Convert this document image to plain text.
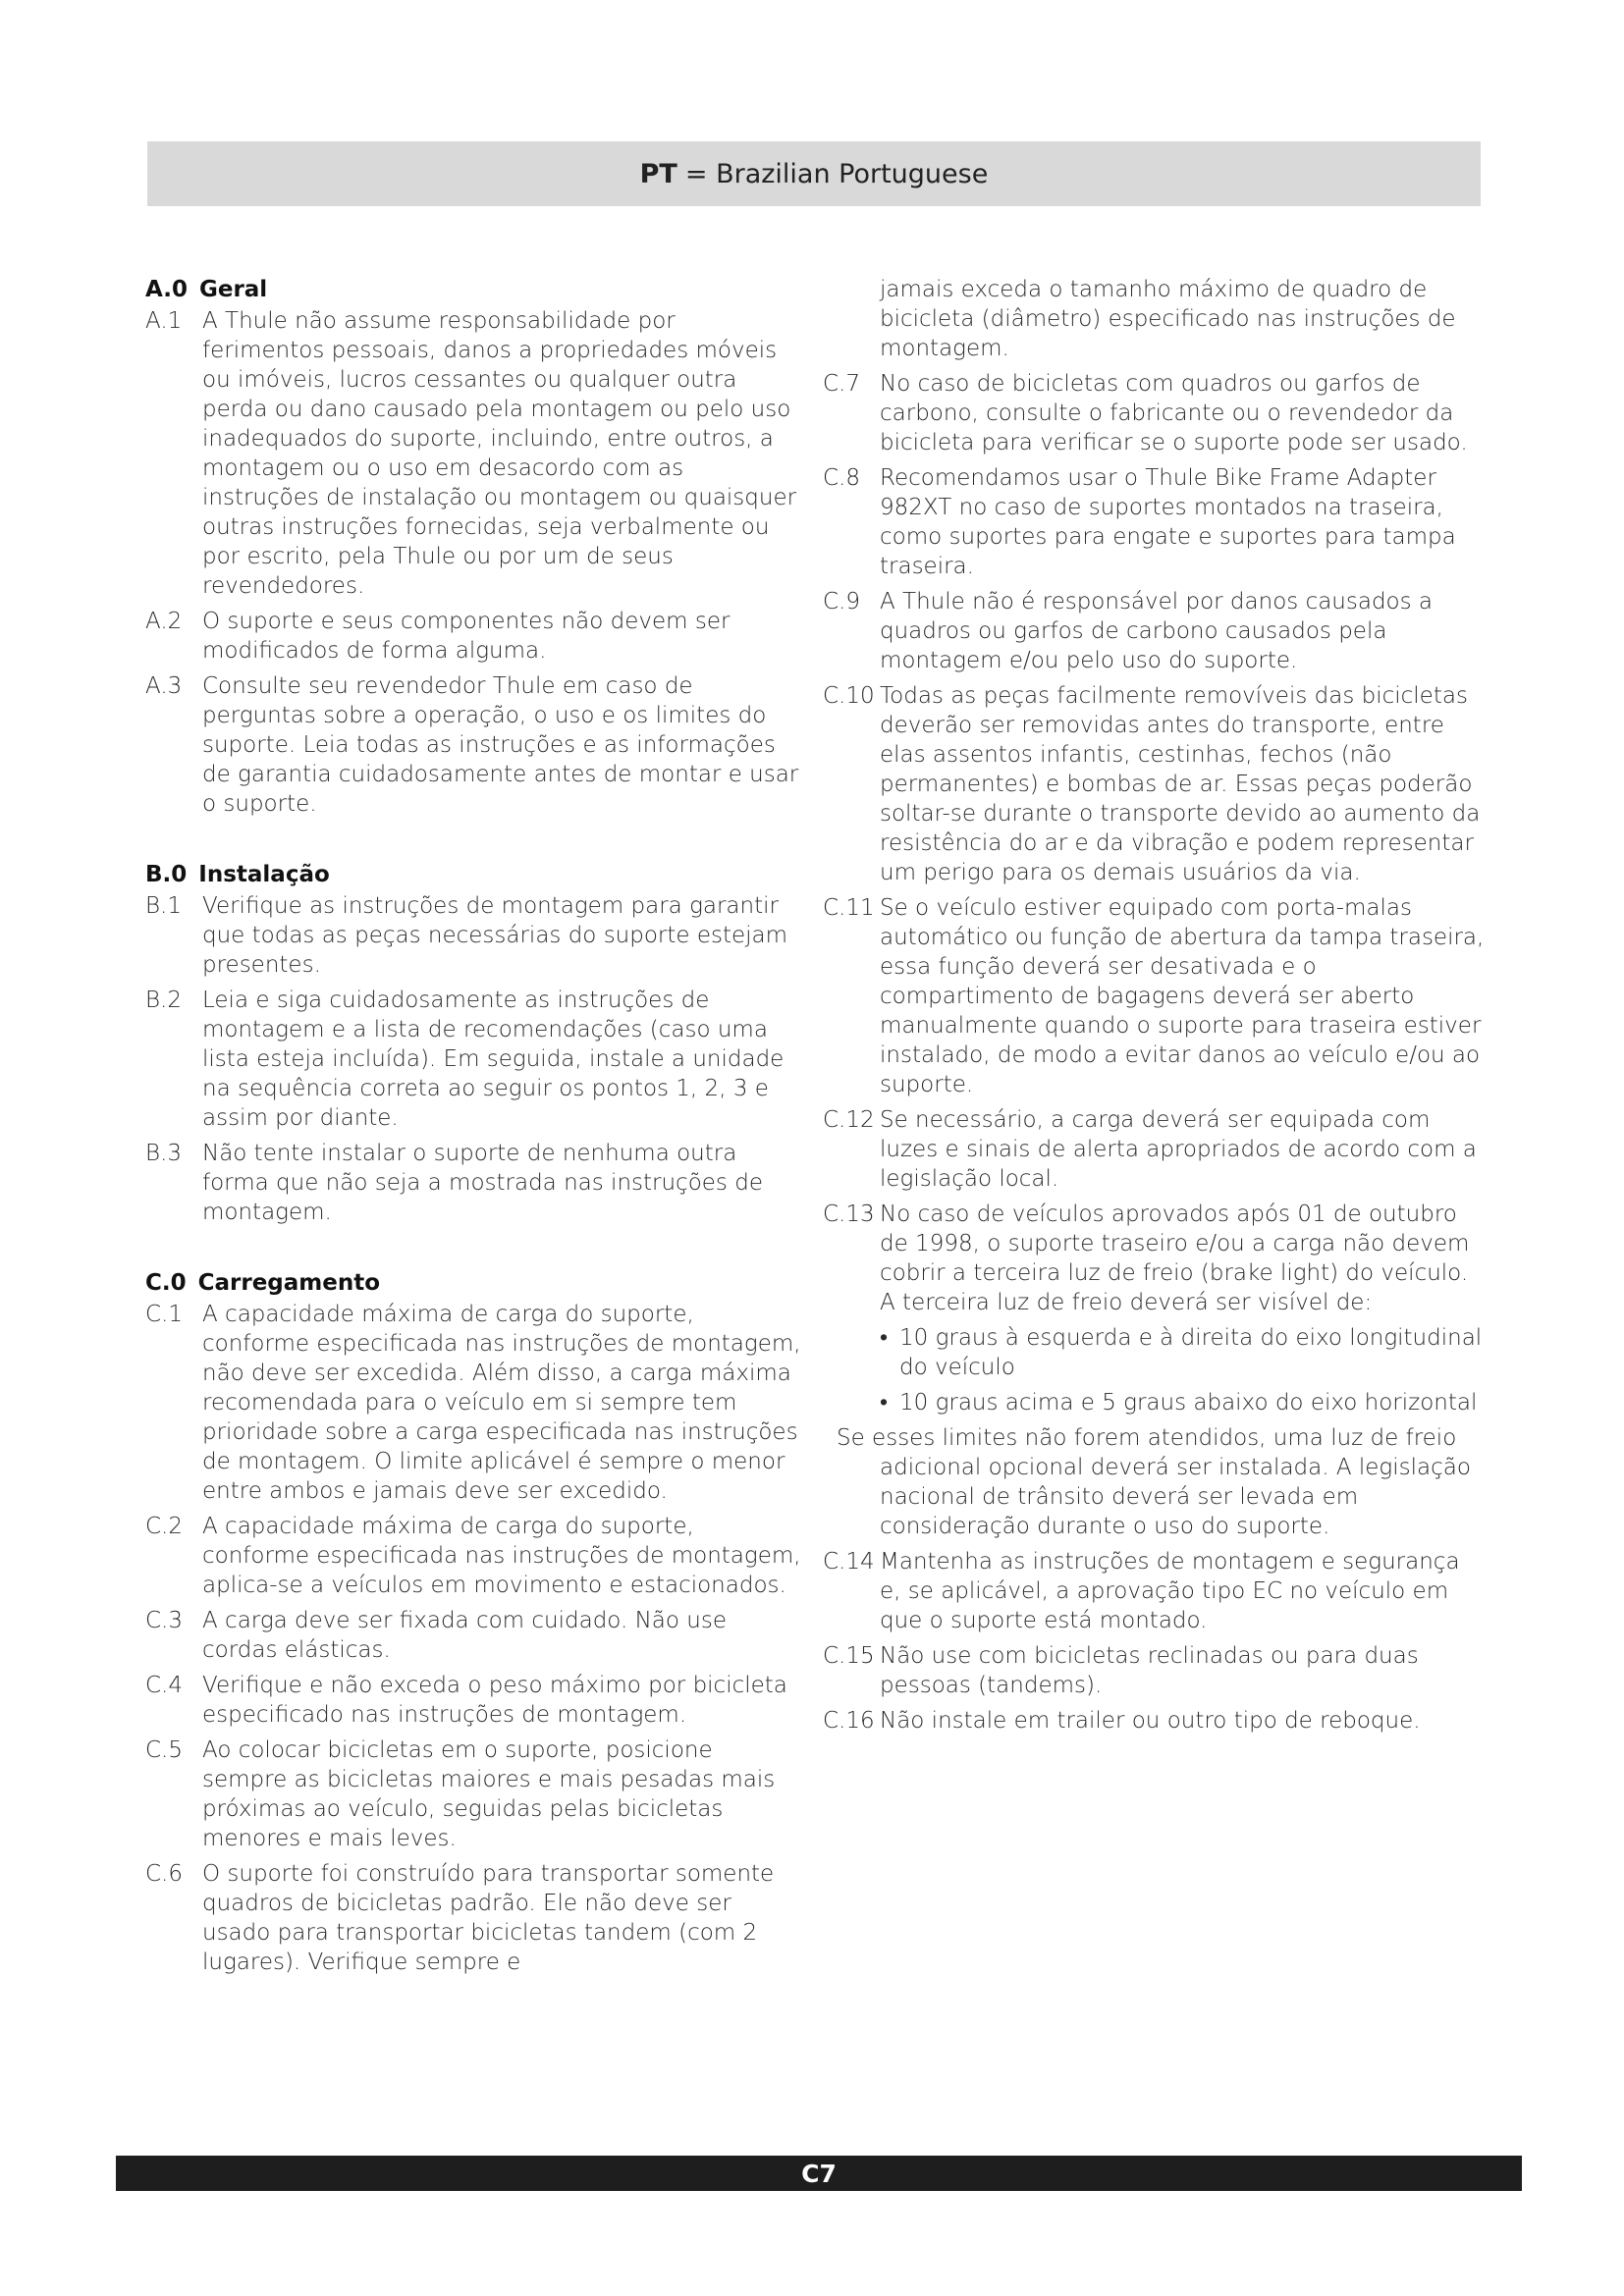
PT = Brazilian Portuguese
A.0 Geral
A.1 A Thule não assume responsabilidade por ferimentos pessoais, danos a propriedades móveis ou imóveis, lucros cessantes ou qualquer outra perda ou dano causado pela montagem ou pelo uso inadequados do suporte, incluindo, entre outros, a montagem ou o uso em desacordo com as instruções de instalação ou montagem ou quaisquer outras instruções fornecidas, seja verbalmente ou por escrito, pela Thule ou por um de seus revendedores.
A.2 O suporte e seus componentes não devem ser modificados de forma alguma.
A.3 Consulte seu revendedor Thule em caso de perguntas sobre a operação, o uso e os limites do suporte. Leia todas as instruções e as informações de garantia cuidadosamente antes de montar e usar o suporte.
B.0 Instalação
B.1 Verifique as instruções de montagem para garantir que todas as peças necessárias do suporte estejam presentes.
B.2 Leia e siga cuidadosamente as instruções de montagem e a lista de recomendações (caso uma lista esteja incluída). Em seguida, instale a unidade na sequência correta ao seguir os pontos 1, 2, 3 e assim por diante.
B.3 Não tente instalar o suporte de nenhuma outra forma que não seja a mostrada nas instruções de montagem.
C.0 Carregamento
C.1 A capacidade máxima de carga do suporte, conforme especificada nas instruções de montagem, não deve ser excedida. Além disso, a carga máxima recomendada para o veículo em si sempre tem prioridade sobre a carga especificada nas instruções de montagem. O limite aplicável é sempre o menor entre ambos e jamais deve ser excedido.
C.2 A capacidade máxima de carga do suporte, conforme especificada nas instruções de montagem, aplica-se a veículos em movimento e estacionados.
C.3 A carga deve ser fixada com cuidado. Não use cordas elásticas.
C.4 Verifique e não exceda o peso máximo por bicicleta especificado nas instruções de montagem.
C.5 Ao colocar bicicletas em o suporte, posicione sempre as bicicletas maiores e mais pesadas mais próximas ao veículo, seguidas pelas bicicletas menores e mais leves.
C.6 O suporte foi construído para transportar somente quadros de bicicletas padrão. Ele não deve ser usado para transportar bicicletas tandem (com 2 lugares). Verifique sempre e
jamais exceda o tamanho máximo de quadro de bicicleta (diâmetro) especificado nas instruções de montagem.
C.7 No caso de bicicletas com quadros ou garfos de carbono, consulte o fabricante ou o revendedor da bicicleta para verificar se o suporte pode ser usado.
C.8 Recomendamos usar o Thule Bike Frame Adapter 982XT no caso de suportes montados na traseira, como suportes para engate e suportes para tampa traseira.
C.9 A Thule não é responsável por danos causados a quadros ou garfos de carbono causados pela montagem e/ou pelo uso do suporte.
C.10 Todas as peças facilmente removíveis das bicicletas deverão ser removidas antes do transporte, entre elas assentos infantis, cestinhas, fechos (não permanentes) e bombas de ar. Essas peças poderão soltar-se durante o transporte devido ao aumento da resistência do ar e da vibração e podem representar um perigo para os demais usuários da via.
C.11 Se o veículo estiver equipado com porta-malas automático ou função de abertura da tampa traseira, essa função deverá ser desativada e o compartimento de bagagens deverá ser aberto manualmente quando o suporte para traseira estiver instalado, de modo a evitar danos ao veículo e/ou ao suporte.
C.12 Se necessário, a carga deverá ser equipada com luzes e sinais de alerta apropriados de acordo com a legislação local.
C.13 No caso de veículos aprovados após 01 de outubro de 1998, o suporte traseiro e/ou a carga não devem cobrir a terceira luz de freio (brake light) do veículo. A terceira luz de freio deverá ser visível de:
• 10 graus à esquerda e à direita do eixo longitudinal do veículo
• 10 graus acima e 5 graus abaixo do eixo horizontal
Se esses limites não forem atendidos, uma luz de freio adicional opcional deverá ser instalada. A legislação nacional de trânsito deverá ser levada em consideração durante o uso do suporte.
C.14 Mantenha as instruções de montagem e segurança e, se aplicável, a aprovação tipo EC no veículo em que o suporte está montado.
C.15 Não use com bicicletas reclinadas ou para duas pessoas (tandems).
C.16 Não instale em trailer ou outro tipo de reboque.
C7
